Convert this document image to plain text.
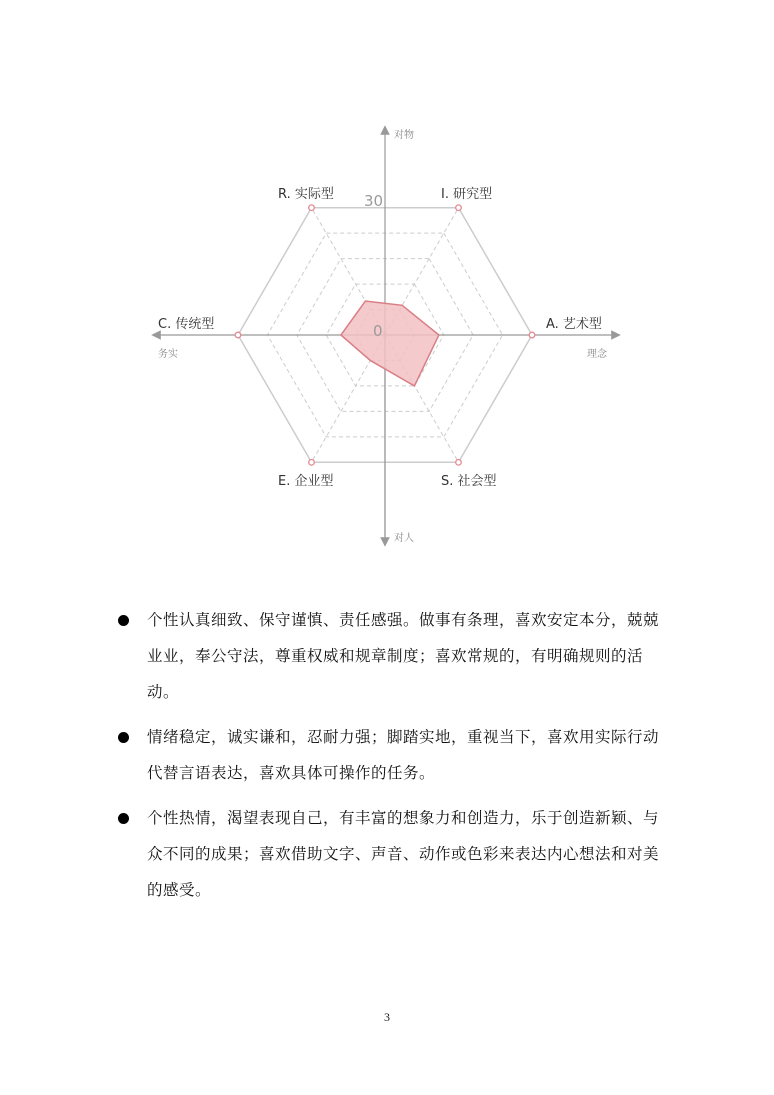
30
0
R. 实际型	I. 研究型
C. 传统型	A. 艺术型
E. 企业型	S. 社会型
对物
对人
务实	理念
个性认真细致、保守谨慎、责任感强。做事有条理，喜欢安定本分，兢兢业业，奉公守法，尊重权威和规章制度；喜欢常规的，有明确规则的活动。
情绪稳定，诚实谦和，忍耐力强；脚踏实地，重视当下，喜欢用实际行动代替言语表达，喜欢具体可操作的任务。
个性热情，渴望表现自己，有丰富的想象力和创造力，乐于创造新颖、与众不同的成果；喜欢借助文字、声音、动作或色彩来表达内心想法和对美的感受。
3
